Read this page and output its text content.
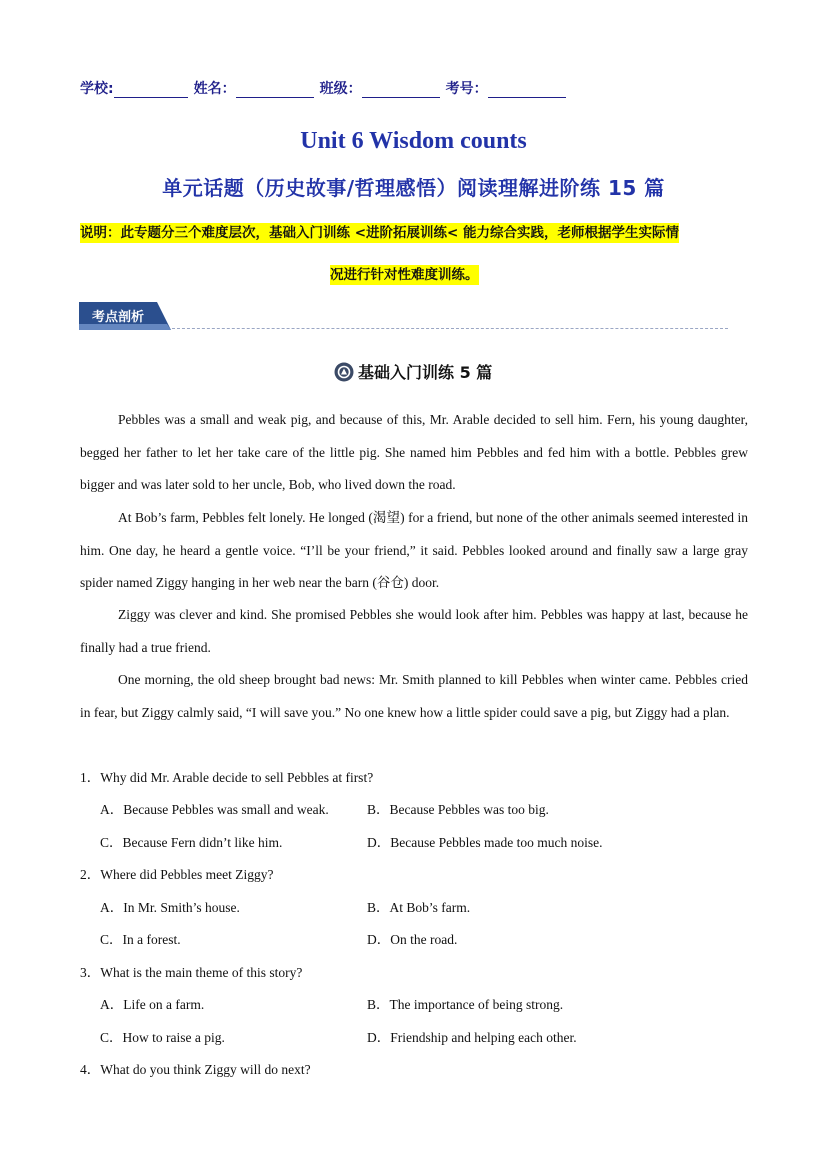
学校:	姓名：	班级：	考号：
Unit 6 Wisdom counts
单元话题（历史故事/哲理感悟）阅读理解进阶练 15 篇
说明：此专题分三个难度层次，基础入门训练 <进阶拓展训练< 能力综合实践，老师根据学生实际情
况进行针对性难度训练。
考点剖析
基础入门训练 5 篇

Pebbles was a small and weak pig, and because of this, Mr. Arable decided to sell him. Fern, his young daughter, begged her father to let her take care of the little pig. She named him Pebbles and fed him with a bottle. Pebbles grew bigger and was later sold to her uncle, Bob, who lived down the road.

At Bob’s farm, Pebbles felt lonely. He longed (渴望) for a friend, but none of the other animals seemed interested in him. One day, he heard a gentle voice. “I’ll be your friend,” it said. Pebbles looked around and finally saw a large gray spider named Ziggy hanging in her web near the barn (谷仓) door.

Ziggy was clever and kind. She promised Pebbles she would look after him. Pebbles was happy at last, because he finally had a true friend.

One morning, the old sheep brought bad news: Mr. Smith planned to kill Pebbles when winter came. Pebbles cried in fear, but Ziggy calmly said, “I will save you.” No one knew how a little spider could save a pig, but Ziggy had a plan.

1．Why did Mr. Arable decide to sell Pebbles at first?
A．Because Pebbles was small and weak.	B．Because Pebbles was too big.
C．Because Fern didn’t like him.	D．Because Pebbles made too much noise.
2．Where did Pebbles meet Ziggy?
A．In Mr. Smith’s house.	B．At Bob’s farm.
C．In a forest.	D．On the road.
3．What is the main theme of this story?
A．Life on a farm.	B．The importance of being strong.
C．How to raise a pig.	D．Friendship and helping each other.
4．What do you think Ziggy will do next?
